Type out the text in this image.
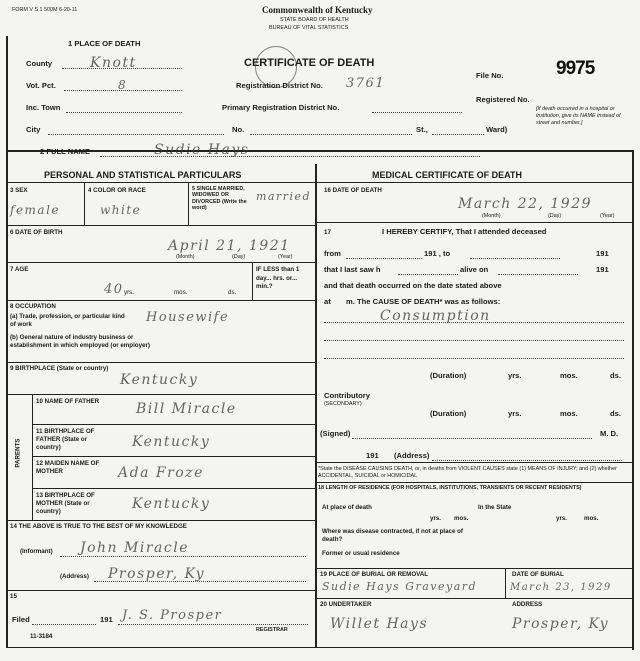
FORM V S 1 500M 6-20-11	Commonwealth of Kentucky
STATE BOARD OF HEALTH
BUREAU OF VITAL STATISTICS
CERTIFICATE OF DEATH
1 PLACE OF DEATH
County	Knott
Vot. Pct.	8	Registration District No. 3761
File No.	9975
Inc. Town	Primary Registration District No.
Registered No.
[If death occurred in a hospital or institution, give its NAME instead of street and number.]
City	No.	St.,	Ward)
2 FULL NAME	Sudie Hays
PERSONAL AND STATISTICAL PARTICULARS	MEDICAL CERTIFICATE OF DEATH
3 SEX
female
4 COLOR OR RACE
white
5 SINGLE MARRIED, WIDOWED OR DIVORCED (Write the word)
married
6 DATE OF BIRTH
April 21, 1921
(Month)	(Day)	(Year)
7 AGE
40 yrs.	mos.	ds.
IF LESS than 1 day... hrs. or... min.?
8 OCCUPATION
(a) Trade, profession, or particular kind of work	Housewife
(b) General nature of industry business or establishment in which employed (or employer)
9 BIRTHPLACE (State or country)
Kentucky
PARENTS
10 NAME OF FATHER	Bill Miracle
11 BIRTHPLACE OF FATHER (State or country)	Kentucky
12 MAIDEN NAME OF MOTHER	Ada Froze
13 BIRTHPLACE OF MOTHER (State or country)	Kentucky
14 THE ABOVE IS TRUE TO THE BEST OF MY KNOWLEDGE
(Informant) John Miracle
(Address) Prosper, Ky
15
Filed	191 J. S. Prosper
REGISTRAR
11-3184
16 DATE OF DEATH
March 22, 1929
(Month)	(Day)	(Year)
17	I HEREBY CERTIFY, That I attended deceased
from	191 , to	191
that I last saw h	alive on	191
and that death occurred on the date stated above
at m. The CAUSE OF DEATH* was as follows:
Consumption
(Duration)	yrs.	mos.	ds.
Contributory
(SECONDARY)
(Duration)	yrs.	mos.	ds.
(Signed)	M. D.
191 (Address)
*State the DISEASE CAUSING DEATH, or, in deaths from VIOLENT CAUSES state (1) MEANS OF INJURY; and (2) whether ACCIDENTAL, SUICIDAL or HOMICIDAL
18 LENGTH OF RESIDENCE (FOR HOSPITALS, INSTITUTIONS, TRANSIENTS OR RECENT RESIDENTS)
At place of death	In the State
yrs. mos.	yrs.	mos.
Where was disease contracted, if not at place of death?
Former or usual residence
19 PLACE OF BURIAL OR REMOVAL
Sudie Hays Graveyard
DATE OF BURIAL
March 23, 1929
20 UNDERTAKER	ADDRESS
Willet Hays	Prosper, Ky
